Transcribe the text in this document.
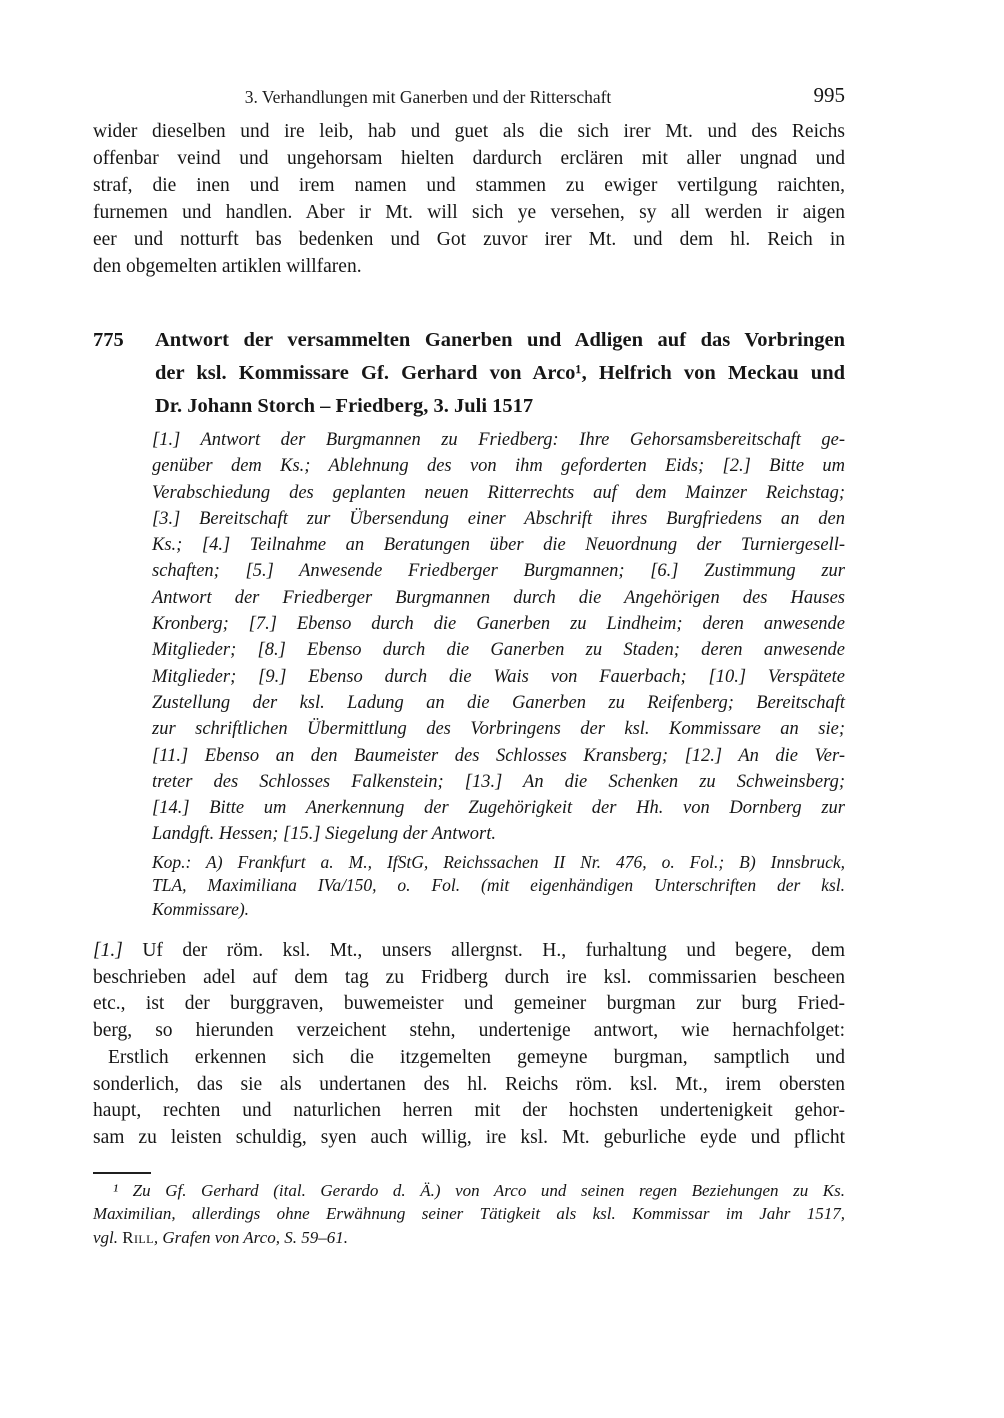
3. Verhandlungen mit Ganerben und der Ritterschaft	995
wider dieselben und ire leib, hab und guet als die sich irer Mt. und des Reichs
offenbar veind und ungehorsam hielten dardurch erclären mit aller ungnad und
straf, die inen und irem namen und stammen zu ewiger vertilgung raichten,
furnemen und handlen. Aber ir Mt. will sich ye versehen, sy all werden ir aigen
eer und notturft bas bedenken und Got zuvor irer Mt. und dem hl. Reich in
den obgemelten artiklen willfaren.
775 Antwort der versammelten Ganerben und Adligen auf das Vorbringen
der ksl. Kommissare Gf. Gerhard von Arco¹, Helfrich von Meckau und
Dr. Johann Storch – Friedberg, 3. Juli 1517
[1.] Antwort der Burgmannen zu Friedberg: Ihre Gehorsamsbereitschaft ge-
genüber dem Ks.; Ablehnung des von ihm geforderten Eids; [2.] Bitte um
Verabschiedung des geplanten neuen Ritterrechts auf dem Mainzer Reichstag;
[3.] Bereitschaft zur Übersendung einer Abschrift ihres Burgfriedens an den
Ks.; [4.] Teilnahme an Beratungen über die Neuordnung der Turniergesell-
schaften; [5.] Anwesende Friedberger Burgmannen; [6.] Zustimmung zur
Antwort der Friedberger Burgmannen durch die Angehörigen des Hauses
Kronberg; [7.] Ebenso durch die Ganerben zu Lindheim; deren anwesende
Mitglieder; [8.] Ebenso durch die Ganerben zu Staden; deren anwesende
Mitglieder; [9.] Ebenso durch die Wais von Fauerbach; [10.] Verspätete
Zustellung der ksl. Ladung an die Ganerben zu Reifenberg; Bereitschaft
zur schriftlichen Übermittlung des Vorbringens der ksl. Kommissare an sie;
[11.] Ebenso an den Baumeister des Schlosses Kransberg; [12.] An die Ver-
treter des Schlosses Falkenstein; [13.] An die Schenken zu Schweinsberg;
[14.] Bitte um Anerkennung der Zugehörigkeit der Hh. von Dornberg zur
Landgft. Hessen; [15.] Siegelung der Antwort.
Kop.: A) Frankfurt a. M., IfStG, Reichssachen II Nr. 476, o. Fol.; B) Innsbruck,
TLA, Maximiliana IVa/150, o. Fol. (mit eigenhändigen Unterschriften der ksl.
Kommissare).
[1.] Uf der röm. ksl. Mt., unsers allergnst. H., furhaltung und begere, dem
beschrieben adel auf dem tag zu Fridberg durch ire ksl. commissarien bescheen
etc., ist der burggraven, buwemeister und gemeiner burgman zur burg Fried-
berg, so hierunden verzeichent stehn, undertenige antwort, wie hernachfolget:
Erstlich erkennen sich die itzgemelten gemeyne burgman, samptlich und
sonderlich, das sie als undertanen des hl. Reichs röm. ksl. Mt., irem obersten
haupt, rechten und naturlichen herren mit der hochsten undertenigkeit gehor-
sam zu leisten schuldig, syen auch willig, ire ksl. Mt. geburliche eyde und pflicht
¹ Zu Gf. Gerhard (ital. Gerardo d. Ä.) von Arco und seinen regen Beziehungen zu Ks.
Maximilian, allerdings ohne Erwähnung seiner Tätigkeit als ksl. Kommissar im Jahr 1517,
vgl. Rill, Grafen von Arco, S. 59–61.
